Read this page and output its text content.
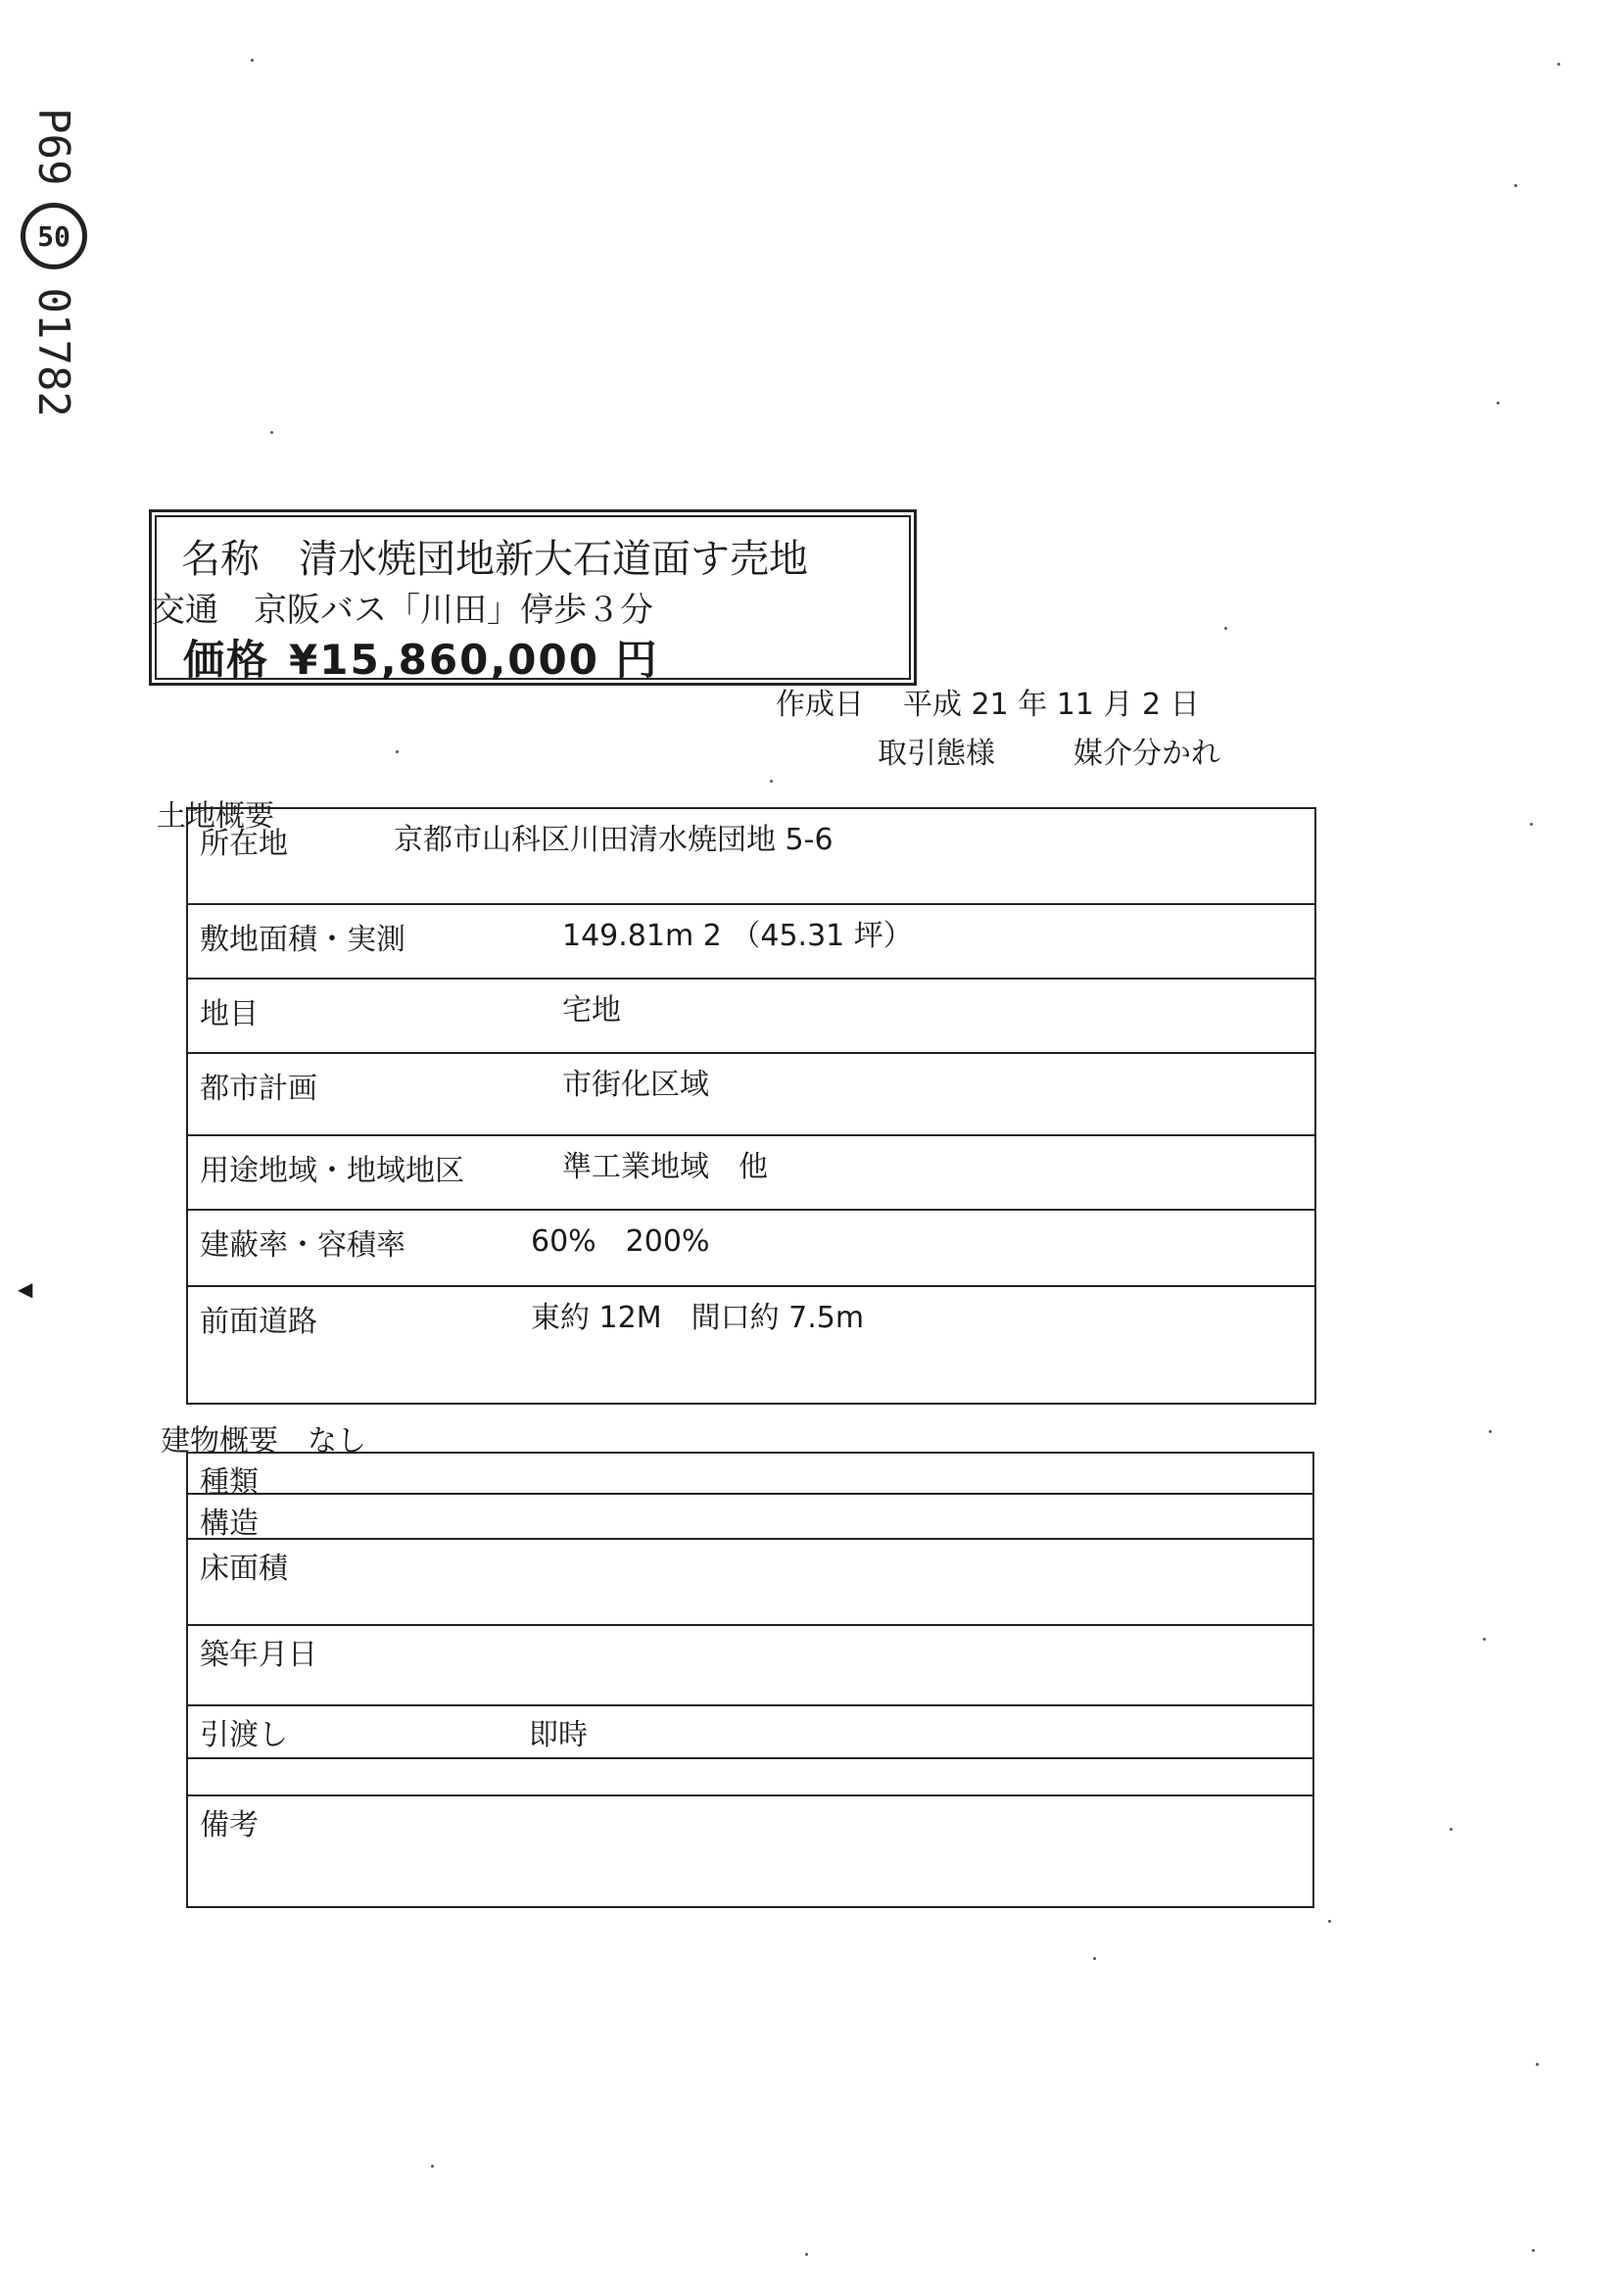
P69
50
01782
◀
名称 清水焼団地新大石道面す売地
交通 京阪バス「川田」停歩３分
価格 ¥15,860,000 円
作成日 平成 21 年 11 月 2 日
取引態様	媒介分かれ
土地概要
所在地	京都市山科区川田清水焼団地 5-6

敷地面積・実測	149.81m 2 （45.31 坪）

地目	宅地

都市計画	市街化区域

用途地域・地域地区	準工業地域　他

建蔽率・容積率	60%　200%

前面道路	東約 12M　間口約 7.5m
建物概要 なし
種類

構造

床面積

築年月日

引渡し	即時

備考
